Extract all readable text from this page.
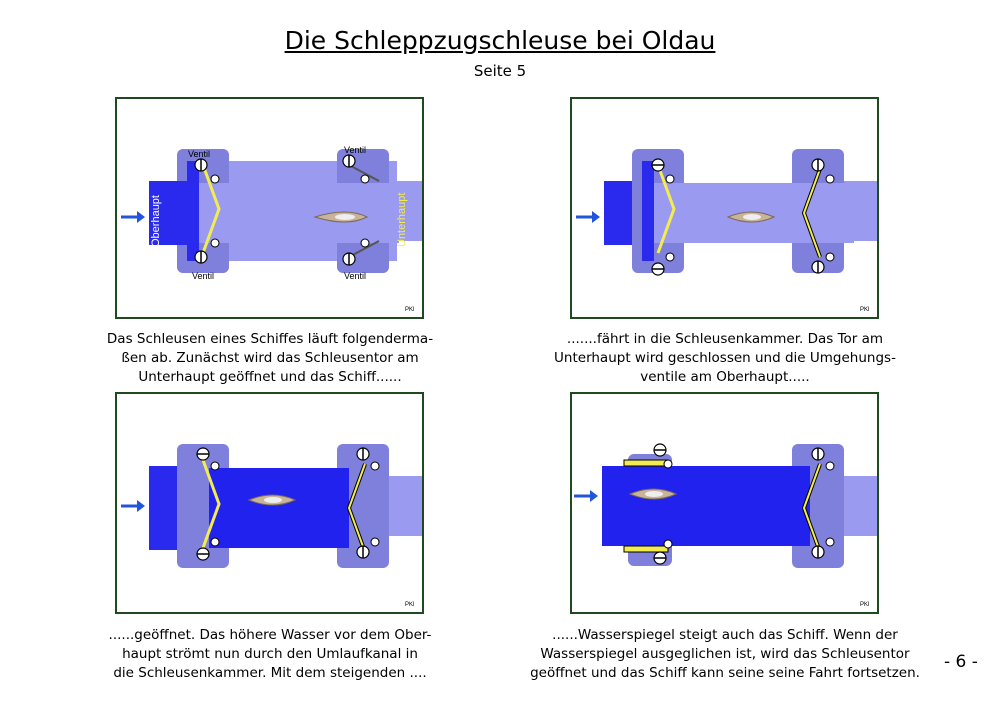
Die Schleppzugschleuse bei Oldau
Seite 5
Ventil	Ventil
Ventil	Ventil
Oberhaupt	Unterhaupt
PKl
Das Schleusen eines Schiffes läuft folgenderma-
ßen ab. Zunächst wird das Schleusentor am
Unterhaupt geöffnet und das Schiff......
PKl
.......fährt in die Schleusenkammer. Das Tor am
Unterhaupt wird geschlossen und die Umgehungs-
ventile am Oberhaupt.....
PKl
......geöffnet. Das höhere Wasser vor dem Ober-
haupt strömt nun durch den Umlaufkanal in
die Schleusenkammer. Mit dem steigenden ....
PKl
......Wasserspiegel steigt auch das Schiff. Wenn der
Wasserspiegel ausgeglichen ist, wird das Schleusentor
geöffnet und das Schiff kann seine seine Fahrt fortsetzen.
- 6 -
